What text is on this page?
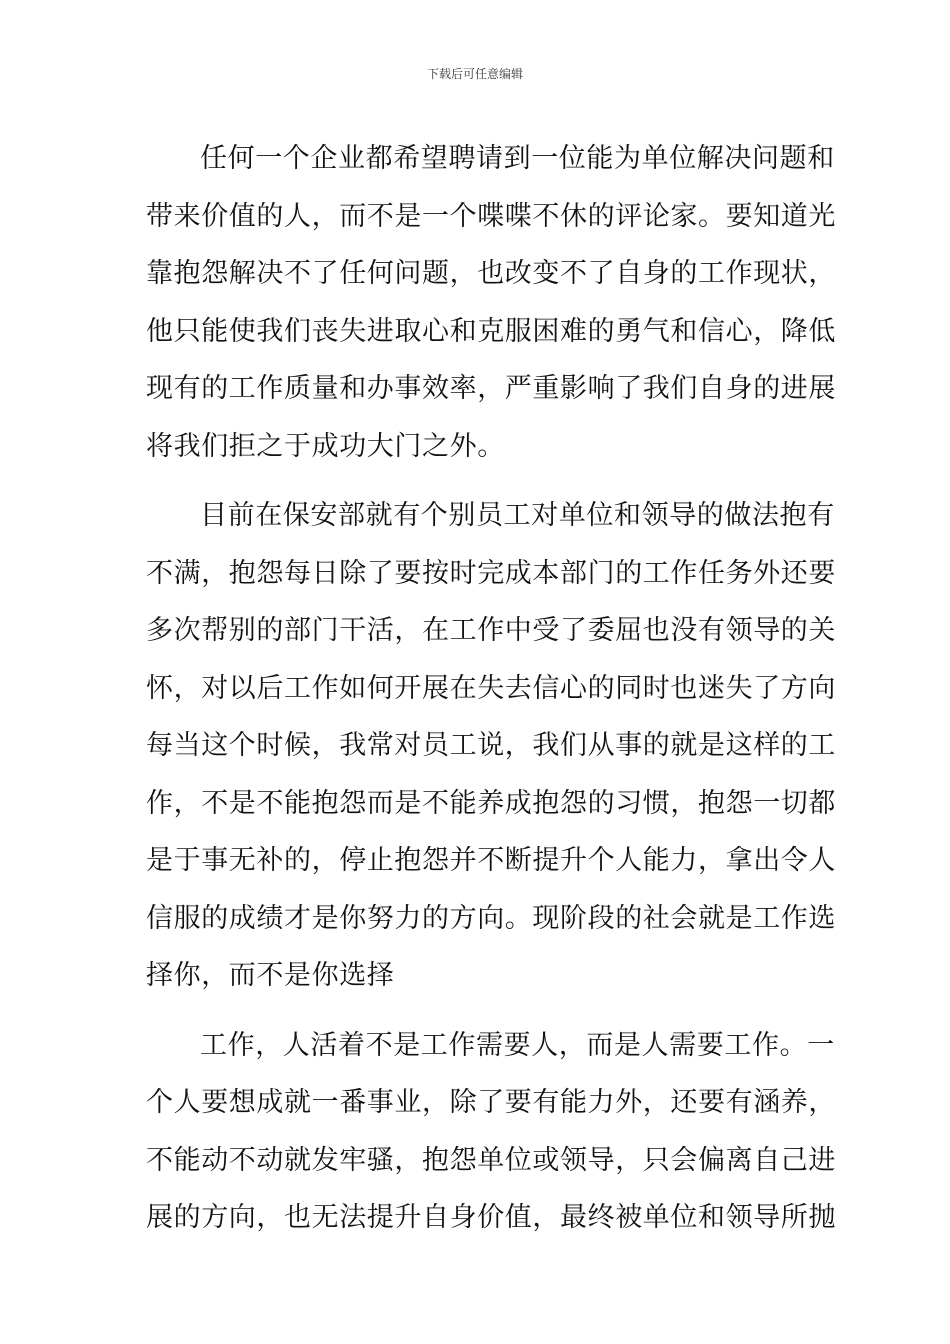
下载后可任意编辑
任何一个企业都希望聘请到一位能为单位解决问题和
带来价值的人，而不是一个喋喋不休的评论家。要知道光
靠抱怨解决不了任何问题，也改变不了自身的工作现状，
他只能使我们丧失进取心和克服困难的勇气和信心，降低
现有的工作质量和办事效率，严重影响了我们自身的进展
将我们拒之于成功大门之外。
目前在保安部就有个别员工对单位和领导的做法抱有
不满，抱怨每日除了要按时完成本部门的工作任务外还要
多次帮别的部门干活，在工作中受了委屈也没有领导的关
怀，对以后工作如何开展在失去信心的同时也迷失了方向
每当这个时候，我常对员工说，我们从事的就是这样的工
作，不是不能抱怨而是不能养成抱怨的习惯，抱怨一切都
是于事无补的，停止抱怨并不断提升个人能力，拿出令人
信服的成绩才是你努力的方向。现阶段的社会就是工作选
择你，而不是你选择
工作，人活着不是工作需要人，而是人需要工作。一
个人要想成就一番事业，除了要有能力外，还要有涵养，
不能动不动就发牢骚，抱怨单位或领导，只会偏离自己进
展的方向，也无法提升自身价值，最终被单位和领导所抛
